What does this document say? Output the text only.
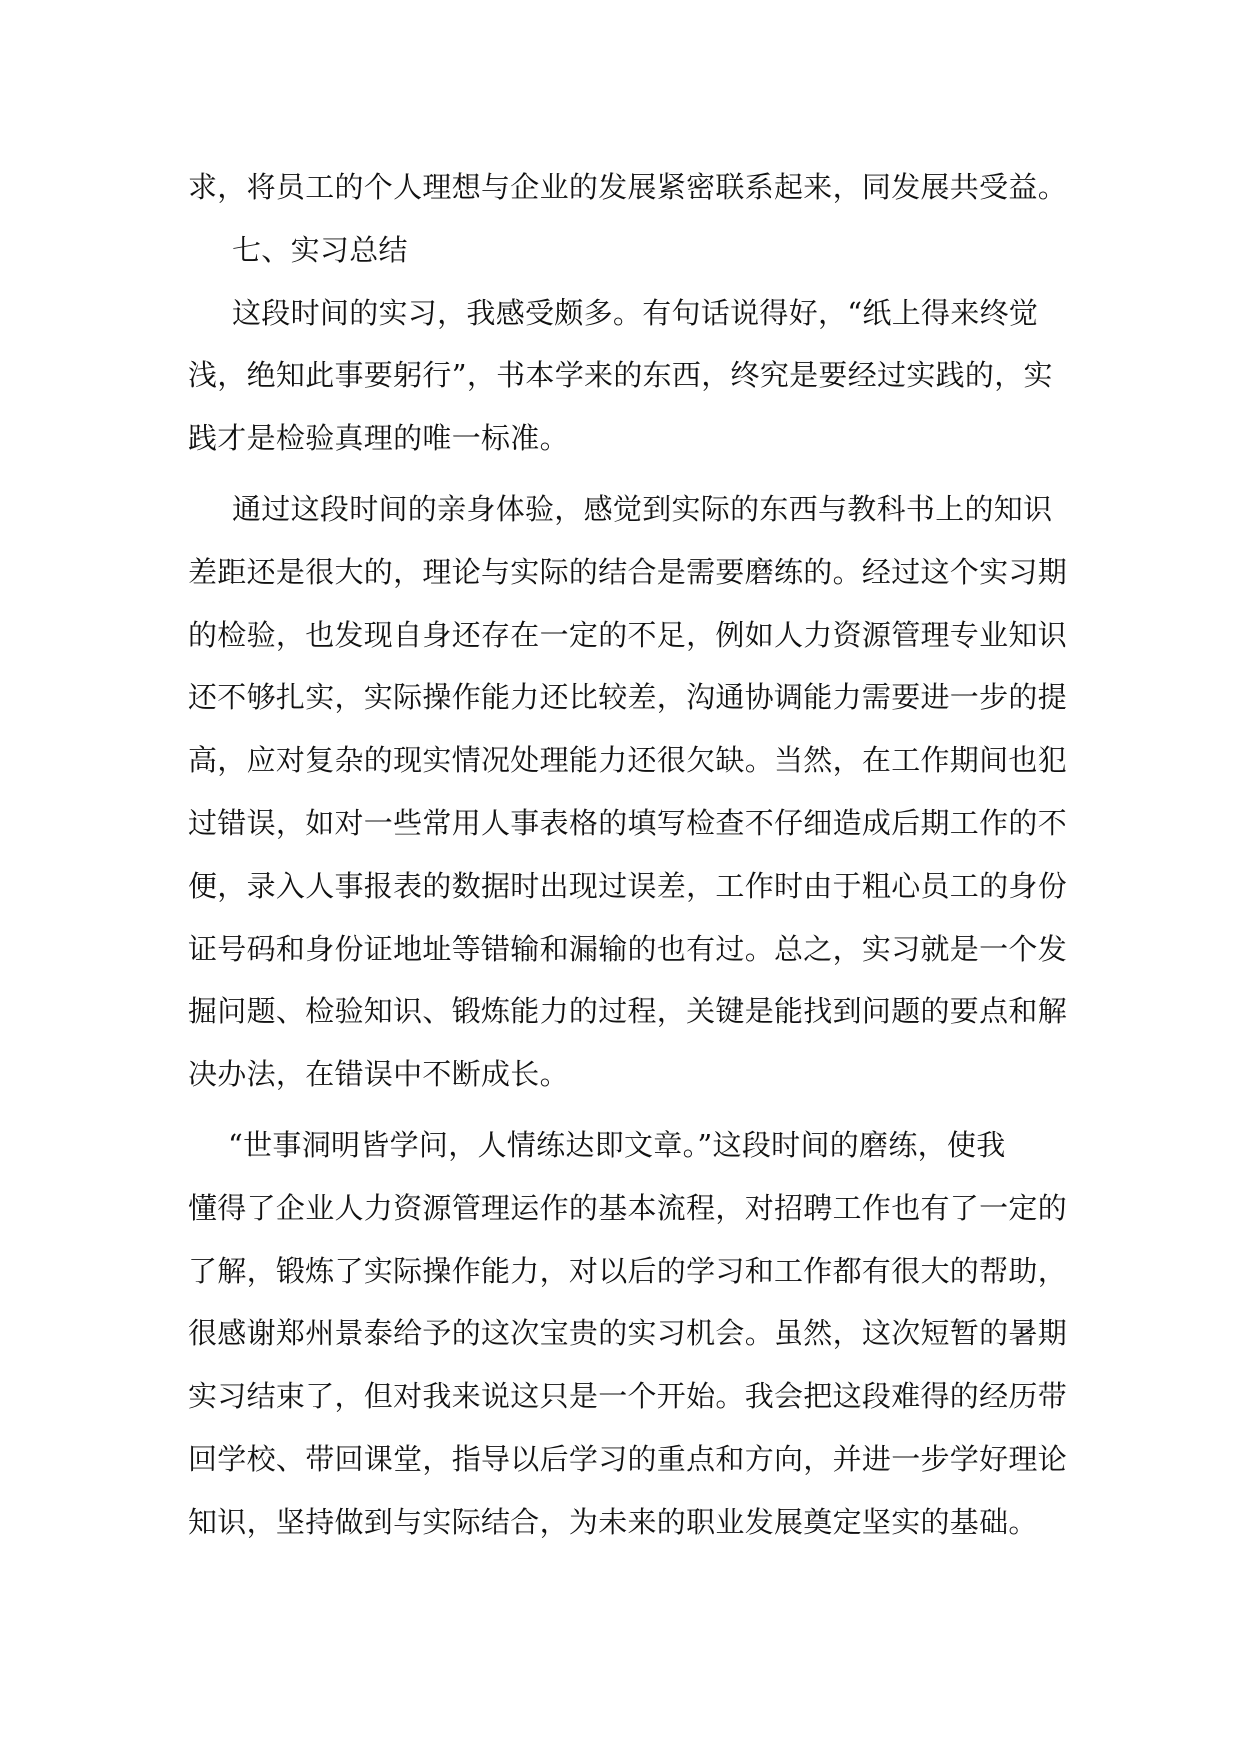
求，将员工的个人理想与企业的发展紧密联系起来，同发展共受益。
七、实习总结
这段时间的实习，我感受颇多。有句话说得好，“纸上得来终觉
浅，绝知此事要躬行”，书本学来的东西，终究是要经过实践的，实
践才是检验真理的唯一标准。
通过这段时间的亲身体验，感觉到实际的东西与教科书上的知识
差距还是很大的，理论与实际的结合是需要磨练的。经过这个实习期
的检验，也发现自身还存在一定的不足，例如人力资源管理专业知识
还不够扎实，实际操作能力还比较差，沟通协调能力需要进一步的提
高，应对复杂的现实情况处理能力还很欠缺。当然，在工作期间也犯
过错误，如对一些常用人事表格的填写检查不仔细造成后期工作的不
便，录入人事报表的数据时出现过误差，工作时由于粗心员工的身份
证号码和身份证地址等错输和漏输的也有过。总之，实习就是一个发
掘问题、检验知识、锻炼能力的过程，关键是能找到问题的要点和解
决办法，在错误中不断成长。
“世事洞明皆学问，人情练达即文章。”这段时间的磨练，使我
懂得了企业人力资源管理运作的基本流程，对招聘工作也有了一定的
了解，锻炼了实际操作能力，对以后的学习和工作都有很大的帮助，
很感谢郑州景泰给予的这次宝贵的实习机会。虽然，这次短暂的暑期
实习结束了，但对我来说这只是一个开始。我会把这段难得的经历带
回学校、带回课堂，指导以后学习的重点和方向，并进一步学好理论
知识，坚持做到与实际结合，为未来的职业发展奠定坚实的基础。
